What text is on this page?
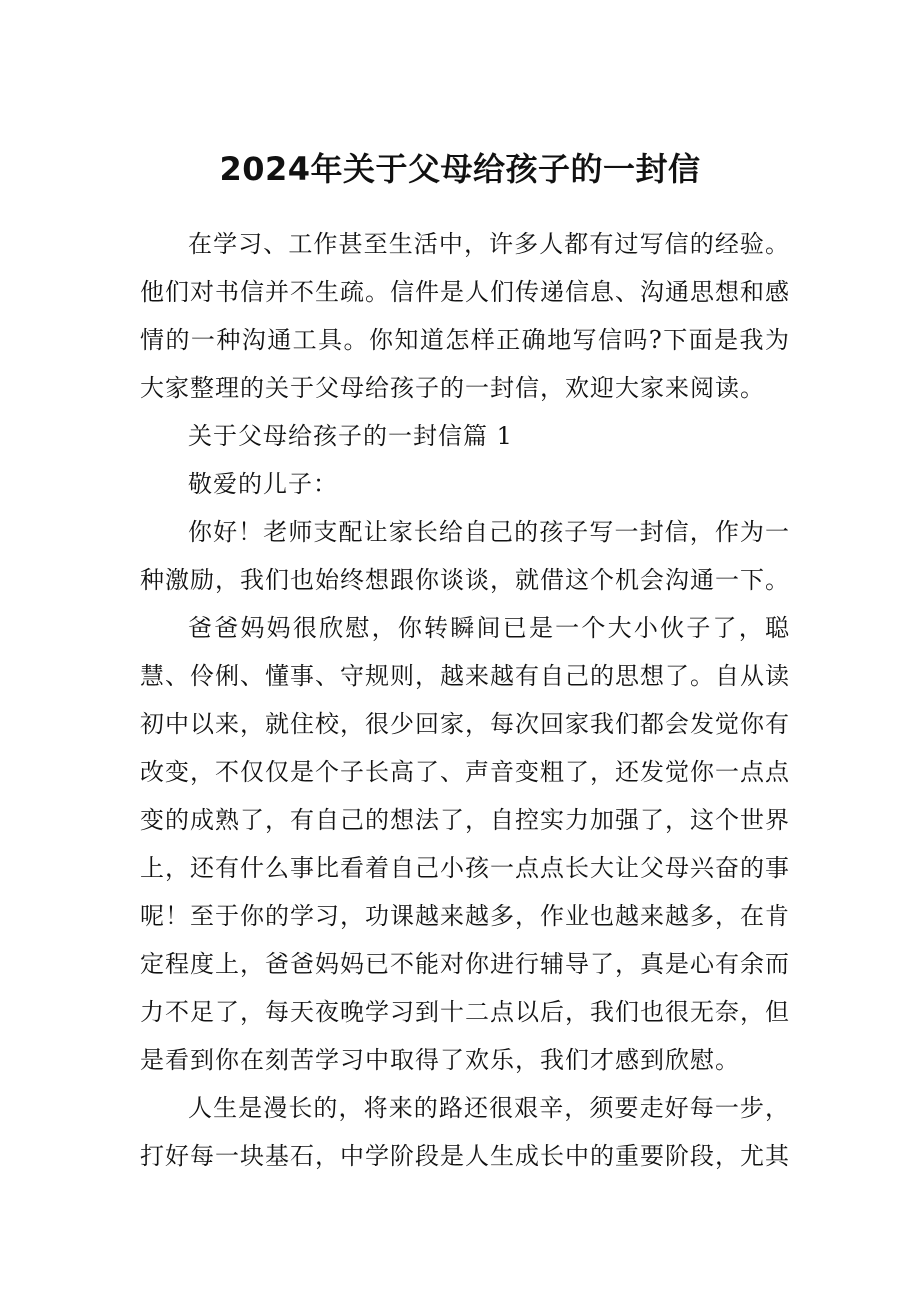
2024年关于父母给孩子的一封信

在学习、工作甚至生活中，许多人都有过写信的经验。他们对书信并不生疏。信件是人们传递信息、沟通思想和感情的一种沟通工具。你知道怎样正确地写信吗?下面是我为大家整理的关于父母给孩子的一封信，欢迎大家来阅读。

关于父母给孩子的一封信篇 1

敬爱的儿子：

你好！老师支配让家长给自己的孩子写一封信，作为一种激励，我们也始终想跟你谈谈，就借这个机会沟通一下。

爸爸妈妈很欣慰，你转瞬间已是一个大小伙子了，聪慧、伶俐、懂事、守规则，越来越有自己的思想了。自从读初中以来，就住校，很少回家，每次回家我们都会发觉你有改变，不仅仅是个子长高了、声音变粗了，还发觉你一点点变的成熟了，有自己的想法了，自控实力加强了，这个世界上，还有什么事比看着自己小孩一点点长大让父母兴奋的事呢！至于你的学习，功课越来越多，作业也越来越多，在肯定程度上，爸爸妈妈已不能对你进行辅导了，真是心有余而力不足了，每天夜晚学习到十二点以后，我们也很无奈，但是看到你在刻苦学习中取得了欢乐，我们才感到欣慰。

人生是漫长的，将来的路还很艰辛，须要走好每一步，打好每一块基石，中学阶段是人生成长中的重要阶段，尤其
